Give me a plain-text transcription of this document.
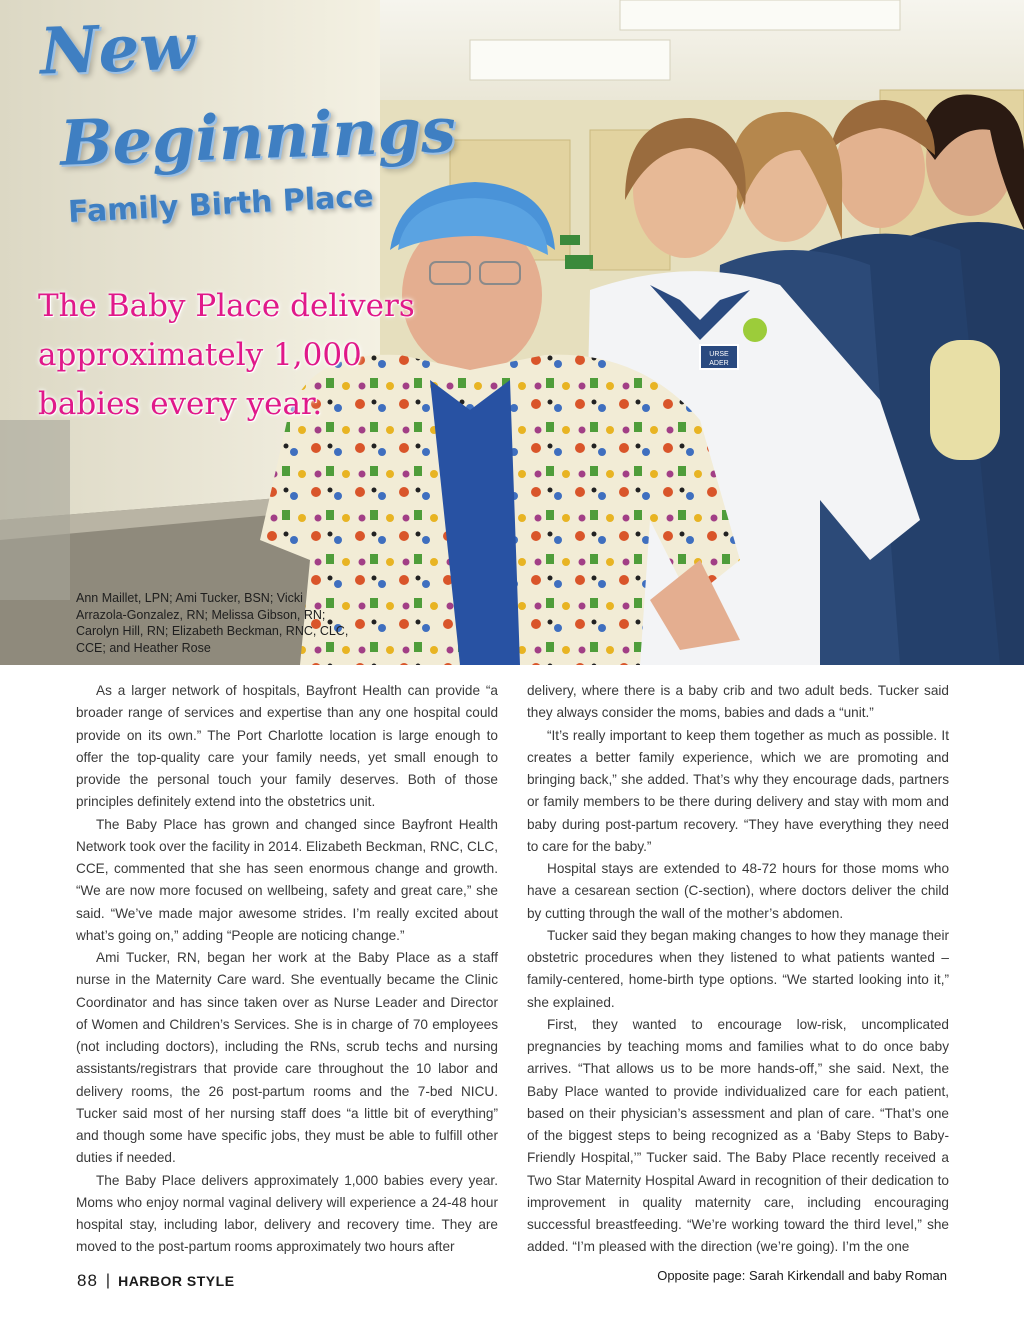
URSE
ADER
New
Beginnings
Family Birth Place
The Baby Place delivers approximately 1,000 babies every year.
Ann Maillet, LPN; Ami Tucker, BSN; Vicki Arrazola-Gonzalez, RN; Melissa Gibson, RN; Carolyn Hill, RN; Elizabeth Beckman, RNC, CLC, CCE; and Heather Rose

As a larger network of hospitals, Bayfront Health can provide “a broader range of services and expertise than any one hospital could provide on its own.” The Port Charlotte location is large enough to offer the top-quality care your family needs, yet small enough to provide the personal touch your family deserves. Both of those principles definitely extend into the obstetrics unit.

The Baby Place has grown and changed since Bayfront Health Network took over the facility in 2014. Elizabeth Beckman, RNC, CLC, CCE, commented that she has seen enormous change and growth. “We are now more focused on wellbeing, safety and great care,” she said. “We’ve made major awesome strides. I’m really excited about what’s going on,” adding “People are noticing change.”

Ami Tucker, RN, began her work at the Baby Place as a staff nurse in the Maternity Care ward. She eventually became the Clinic Coordinator and has since taken over as Nurse Leader and Director of Women and Children’s Services. She is in charge of 70 employees (not including doctors), including the RNs, scrub techs and nursing assistants/registrars that provide care throughout the 10 labor and delivery rooms, the 26 post-partum rooms and the 7-bed NICU. Tucker said most of her nursing staff does “a little bit of everything” and though some have specific jobs, they must be able to fulfill other duties if needed.

The Baby Place delivers approximately 1,000 babies every year. Moms who enjoy normal vaginal delivery will experience a 24-48 hour hospital stay, including labor, delivery and recovery time. They are moved to the post-partum rooms approximately two hours after

delivery, where there is a baby crib and two adult beds. Tucker said they always consider the moms, babies and dads a “unit.”

“It’s really important to keep them together as much as possible. It creates a better family experience, which we are promoting and bringing back,” she added. That’s why they encourage dads, partners or family members to be there during delivery and stay with mom and baby during post-partum recovery. “They have everything they need to care for the baby.”

Hospital stays are extended to 48-72 hours for those moms who have a cesarean section (C-section), where doctors deliver the child by cutting through the wall of the mother’s abdomen.

Tucker said they began making changes to how they manage their obstetric procedures when they listened to what patients wanted – family-centered, home-birth type options. “We started looking into it,” she explained.

First, they wanted to encourage low-risk, uncomplicated pregnancies by teaching moms and families what to do once baby arrives. “That allows us to be more hands-off,” she said. Next, the Baby Place wanted to provide individualized care for each patient, based on their physician’s assessment and plan of care. “That’s one of the biggest steps to being recognized as a ‘Baby Steps to Baby-Friendly Hospital,’” Tucker said. The Baby Place recently received a Two Star Maternity Hospital Award in recognition of their dedication to improvement in quality maternity care, including encouraging successful breastfeeding. “We’re working toward the third level,” she added. “I’m pleased with the direction (we’re going). I’m the one

88 | HARBOR STYLE	Opposite page: Sarah Kirkendall and baby Roman
